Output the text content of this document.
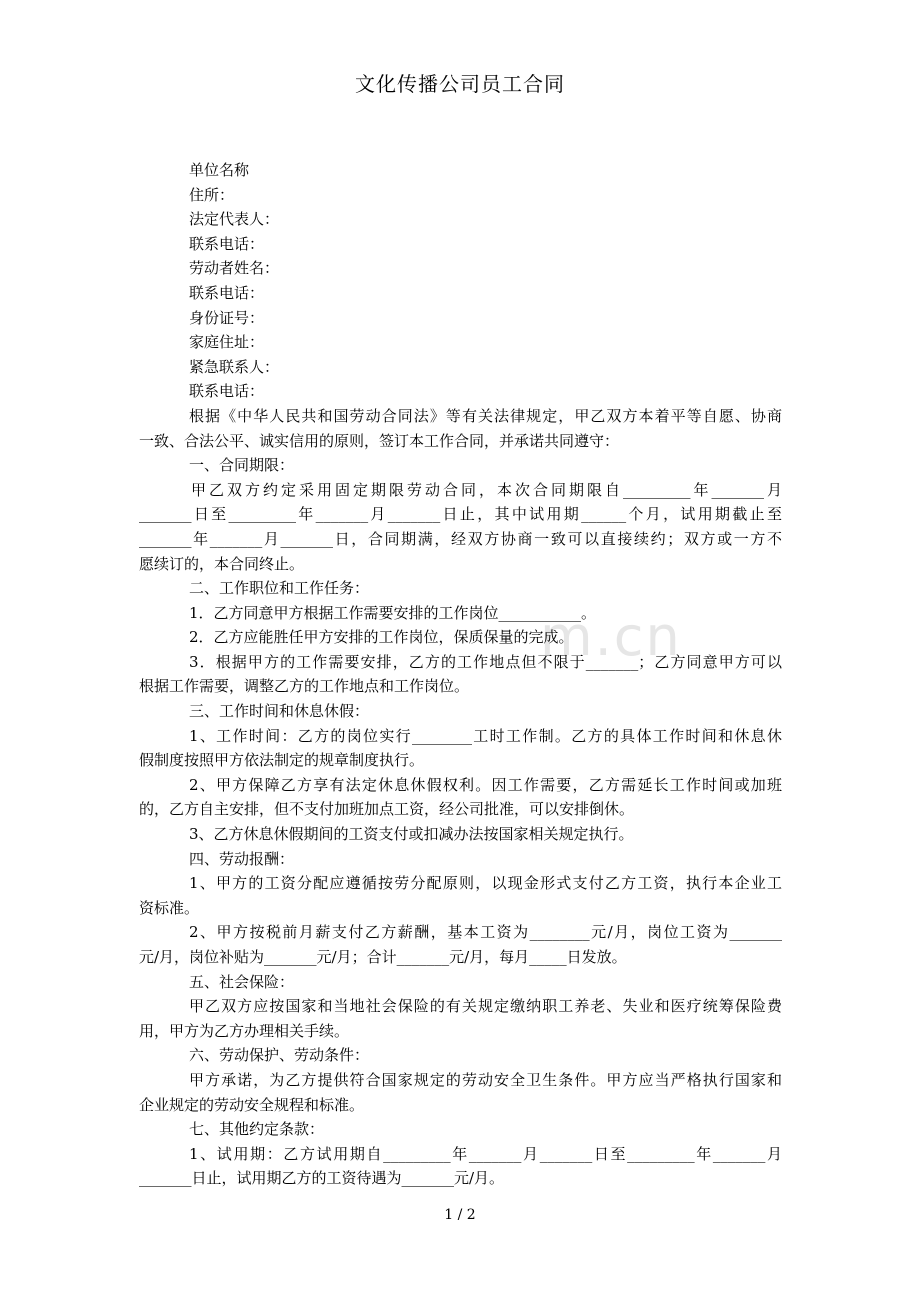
m.cn
文化传播公司员工合同
单位名称
住所：
法定代表人：
联系电话：
劳动者姓名：
联系电话：
身份证号：
家庭住址：
紧急联系人：
联系电话：
根据《中华人民共和国劳动合同法》等有关法律规定，甲乙双方本着平等自愿、协商
一致、合法公平、诚实信用的原则，签订本工作合同，并承诺共同遵守：
一、合同期限：
甲乙双方约定采用固定期限劳动合同，本次合同期限自_________年_______月
_______日至_________年_______月_______日止，其中试用期______个月，试用期截止至
_______年_______月_______日，合同期满，经双方协商一致可以直接续约；双方或一方不
愿续订的，本合同终止。
二、工作职位和工作任务：
1．乙方同意甲方根据工作需要安排的工作岗位___________。
2．乙方应能胜任甲方安排的工作岗位，保质保量的完成。
3．根据甲方的工作需要安排，乙方的工作地点但不限于_______；乙方同意甲方可以
根据工作需要，调整乙方的工作地点和工作岗位。
三、工作时间和休息休假：
1、工作时间：乙方的岗位实行________工时工作制。乙方的具体工作时间和休息休
假制度按照甲方依法制定的规章制度执行。
2、甲方保障乙方享有法定休息休假权利。因工作需要，乙方需延长工作时间或加班
的，乙方自主安排，但不支付加班加点工资，经公司批准，可以安排倒休。
3、乙方休息休假期间的工资支付或扣减办法按国家相关规定执行。
四、劳动报酬：
1、甲方的工资分配应遵循按劳分配原则，以现金形式支付乙方工资，执行本企业工
资标准。
2、甲方按税前月薪支付乙方薪酬，基本工资为________元/月，岗位工资为_______
元/月，岗位补贴为_______元/月；合计_______元/月，每月_____日发放。
五、社会保险：
甲乙双方应按国家和当地社会保险的有关规定缴纳职工养老、失业和医疗统筹保险费
用，甲方为乙方办理相关手续。
六、劳动保护、劳动条件：
甲方承诺，为乙方提供符合国家规定的劳动安全卫生条件。甲方应当严格执行国家和
企业规定的劳动安全规程和标准。
七、其他约定条款：
1、试用期：乙方试用期自_________年_______月_______日至_________年_______月
_______日止，试用期乙方的工资待遇为_______元/月。
1 / 2
